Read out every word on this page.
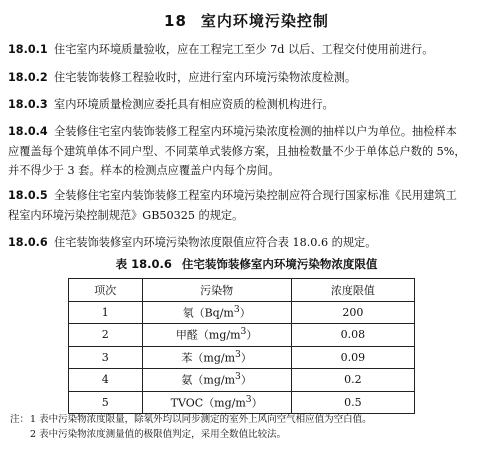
18 室内环境污染控制
18.0.1 住宅室内环境质量验收，应在工程完工至少 7d 以后、工程交付使用前进行。
18.0.2 住宅装饰装修工程验收时，应进行室内环境污染物浓度检测。
18.0.3 室内环境质量检测应委托具有相应资质的检测机构进行。
18.0.4 全装修住宅室内装饰装修工程室内环境污染浓度检测的抽样以户为单位。抽检样本
应覆盖每个建筑单体不同户型、不同菜单式装修方案，且抽检数量不少于单体总户数的 5%，
并不得少于 3 套。样本的检测点应覆盖户内每个房间。
18.0.5 全装修住宅室内装饰装修工程室内环境污染控制应符合现行国家标准《民用建筑工
程室内环境污染控制规范》GB50325 的规定。
18.0.6 住宅装饰装修室内环境污染物浓度限值应符合表 18.0.6 的规定。
表 18.0.6 住宅装饰装修室内环境污染物浓度限值
项次	污染物	浓度限值
1	氡$(Bq/m^3)$	200
2	甲醛$(mg/m^3)$	0.08
3	苯$(mg/m^3)$	0.09
4	氨$(mg/m^3)$	0.2
5	$TVOC(mg/m^3)$	0.5
注：1 表中污染物浓度限量，除氡外均以同步测定的室外上风向空气相应值为空白值。
2 表中污染物浓度测量值的极限值判定，采用全数值比较法。
